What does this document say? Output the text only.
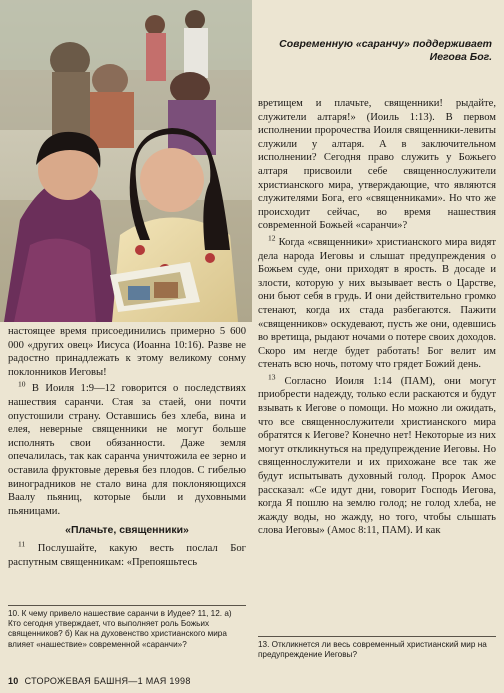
Современную «саранчу» поддерживает
Иегова Бог.

настоящее время присоединились примерно 5 600 000 «других овец» Иисуса (Иоанна 10:16). Разве не радостно принадлежать к этому великому сонму поклонников Иеговы!

$^{10}$ В Иоиля 1:9—12 говорится о последствиях нашествия саранчи. Стая за стаей, они почти опустошили страну. Оставшись без хлеба, вина и елея, неверные священники не могут больше исполнять свои обязанности. Даже земля опечалилась, так как саранча уничтожила ее зерно и оставила фруктовые деревья без плодов. С гибелью виноградников не стало вина для поклоняющихся Ваалу пьяниц, которые были и духовными пьяницами.

«Плачьте, священники»

$^{11}$ Послушайте, какую весть послал Бог распутным священникам: «Препояшьтесь

вретищем и плачьте, священники! рыдайте, служители алтаря!» (Иоиль 1:13). В первом исполнении пророчества Иоиля священники-левиты служили у алтаря. А в заключительном исполнении? Сегодня право служить у Божьего алтаря присвоили себе священнослужители христианского мира, утверждающие, что являются служителями Бога, его «священниками». Но что же происходит сейчас, во время нашествия современной Божьей «саранчи»?

$^{12}$ Когда «священники» христианского мира видят дела народа Иеговы и слышат предупреждения о Божьем суде, они приходят в ярость. В досаде и злости, которую у них вызывает весть о Царстве, они бьют себя в грудь. И они действительно громко стенают, когда их стада разбегаются. Пажити «священников» оскудевают, пусть же они, одевшись во вретища, рыдают ночами о потере своих доходов. Скоро им негде будет работать! Бог велит им стенать всю ночь, потому что грядет Божий день.

$^{13}$ Согласно Иоиля 1:14 (ПАМ), они могут приобрести надежду, только если раскаются и будут взывать к Иегове о помощи. Но можно ли ожидать, что все священнослужители христианского мира обратятся к Иегове? Конечно нет! Некоторые из них могут откликнуться на предупреждение Иеговы. Но священнослужители и их прихожане все так же будут испытывать духовный голод. Пророк Амос рассказал: «Се идут дни, говорит Господь Иегова, когда Я пошлю на землю голод; не голод хлеба, не жажду воды, но жажду, но того, чтобы слышать слова Иеговы» (Амос 8:11, ПАМ). И как

10. К чему привело нашествие саранчи в Иудее? 11, 12. а) Кто сегодня утверждает, что выполняет роль Божьих священников? б) Как на духовенство христианского мира влияет «нашествие» современной «саранчи»?	13. Откликнется ли весь современный христианский мир на предупреждение Иеговы?
10 СТОРОЖЕВАЯ БАШНЯ—1 МАЯ 1998
